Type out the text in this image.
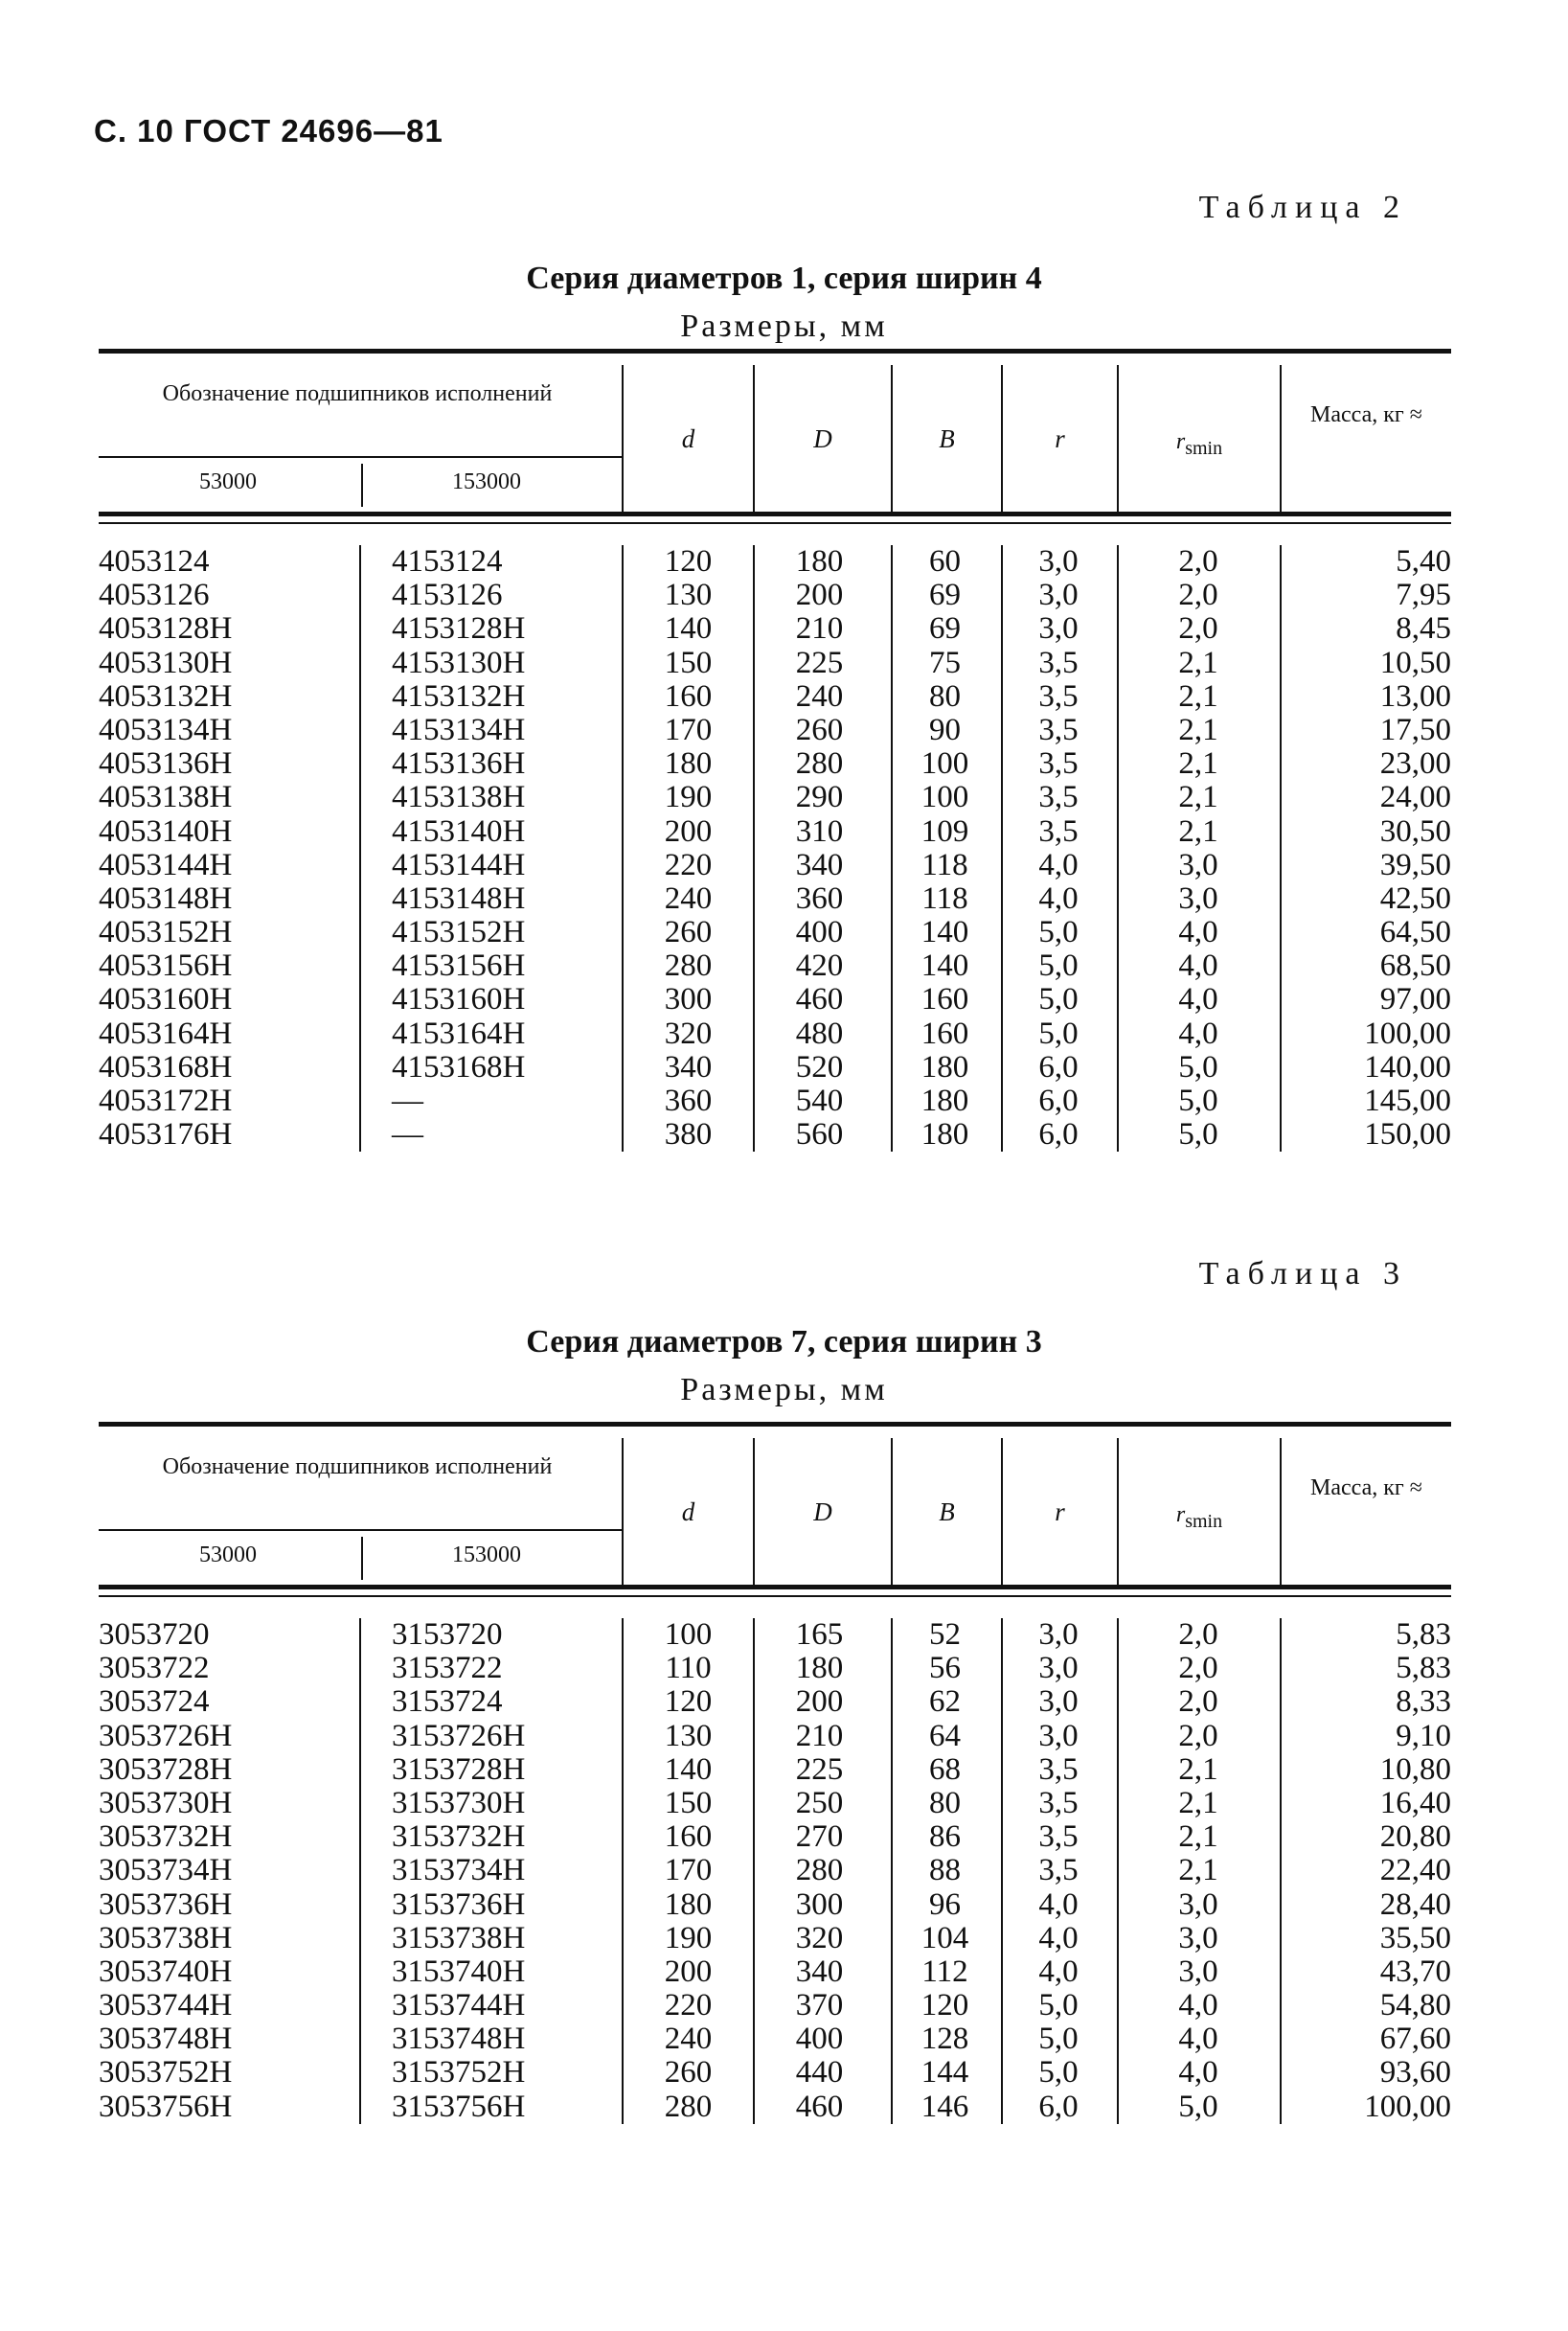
С. 10 ГОСТ 24696—81
Таблица 2
Серия диаметров 1, серия ширин 4
Размеры, мм
Обозначение подшипников исполнений
53000	153000
d	D	B	r	$r_{smin}$
Масса, кг ≈
4053124	4153124	120	180	60	3,0	2,0	5,40
4053126	4153126	130	200	69	3,0	2,0	7,95
4053128H	4153128H	140	210	69	3,0	2,0	8,45
4053130H	4153130H	150	225	75	3,5	2,1	10,50
4053132H	4153132H	160	240	80	3,5	2,1	13,00
4053134H	4153134H	170	260	90	3,5	2,1	17,50
4053136H	4153136H	180	280	100	3,5	2,1	23,00
4053138H	4153138H	190	290	100	3,5	2,1	24,00
4053140H	4153140H	200	310	109	3,5	2,1	30,50
4053144H	4153144H	220	340	118	4,0	3,0	39,50
4053148H	4153148H	240	360	118	4,0	3,0	42,50
4053152H	4153152H	260	400	140	5,0	4,0	64,50
4053156H	4153156H	280	420	140	5,0	4,0	68,50
4053160H	4153160H	300	460	160	5,0	4,0	97,00
4053164H	4153164H	320	480	160	5,0	4,0	100,00
4053168H	4153168H	340	520	180	6,0	5,0	140,00
4053172H	—	360	540	180	6,0	5,0	145,00
4053176H	—	380	560	180	6,0	5,0	150,00
Таблица 3
Серия диаметров 7, серия ширин 3
Размеры, мм
Обозначение подшипников исполнений
53000	153000
d	D	B	r	$r_{smin}$
Масса, кг ≈
3053720	3153720	100	165	52	3,0	2,0	5,83
3053722	3153722	110	180	56	3,0	2,0	5,83
3053724	3153724	120	200	62	3,0	2,0	8,33
3053726H	3153726H	130	210	64	3,0	2,0	9,10
3053728H	3153728H	140	225	68	3,5	2,1	10,80
3053730H	3153730H	150	250	80	3,5	2,1	16,40
3053732H	3153732H	160	270	86	3,5	2,1	20,80
3053734H	3153734H	170	280	88	3,5	2,1	22,40
3053736H	3153736H	180	300	96	4,0	3,0	28,40
3053738H	3153738H	190	320	104	4,0	3,0	35,50
3053740H	3153740H	200	340	112	4,0	3,0	43,70
3053744H	3153744H	220	370	120	5,0	4,0	54,80
3053748H	3153748H	240	400	128	5,0	4,0	67,60
3053752H	3153752H	260	440	144	5,0	4,0	93,60
3053756H	3153756H	280	460	146	6,0	5,0	100,00
